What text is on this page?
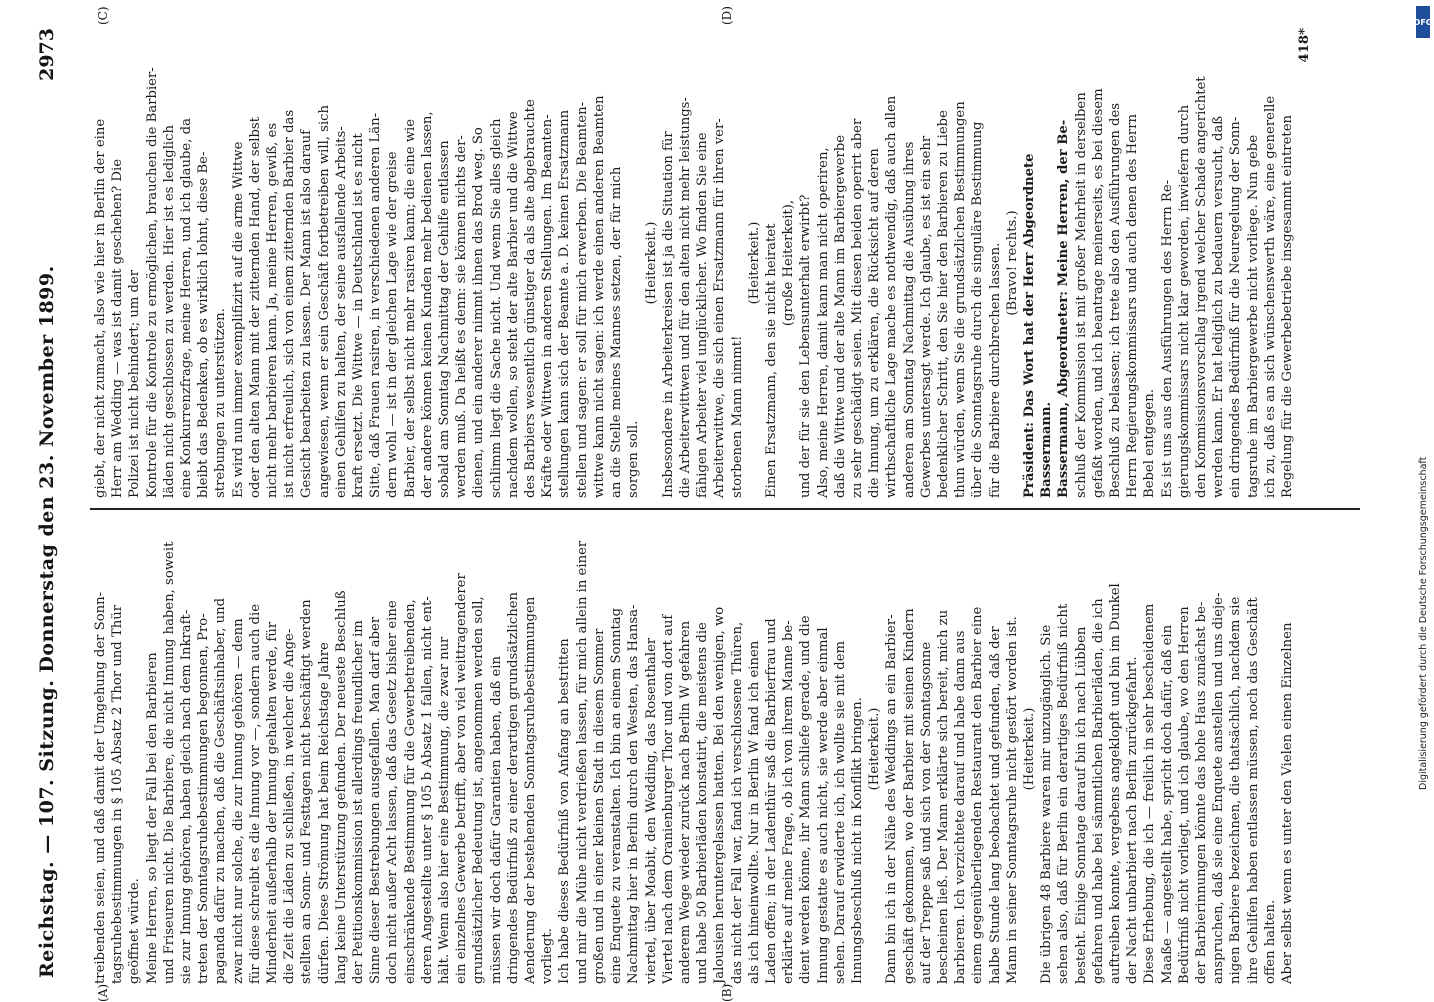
Reichstag. — 107. Sitzung. Donnerstag den 23. November 1899.
2973

treibenden seien, und daß damit der Umgehung der Sonn- tagsruhebestimmungen in § 105 Absatz 2 Thor und Thür geöffnet würde. Meine Herren, so liegt der Fall bei den Barbieren und Friseuren nicht. Die Barbiere, die nicht Innung haben, soweit sie zur Innung gehören, haben gleich nach dem Inkraft- treten der Sonntagsruhebestimmungen begonnen, Pro- paganda dafür zu machen, daß die Geschäftsinhaber, und zwar nicht nur solche, die zur Innung gehören — denn für diese schreibt es die Innung vor —, sondern auch die Minderheit außerhalb der Innung gehalten werde, für die Zeit die Läden zu schließen, in welcher die Ange- stellten an Sonn- und Festtagen nicht beschäftigt werden dürfen. Diese Strömung hat beim Reichstage Jahre lang keine Unterstützung gefunden. Der neueste Beschluß der Petitionskommission ist allerdings freundlicher im Sinne dieser Bestrebungen ausgefallen. Man darf aber doch nicht außer Acht lassen, daß das Gesetz bisher eine einschränkende Bestimmung für die Gewerbetreibenden, deren Angestellte unter § 105 b Absatz 1 fallen, nicht ent- hält. Wenn also hier eine Bestimmung, die zwar nur ein einzelnes Gewerbe betrifft, aber von viel weittragenderer grundsätzlicher Bedeutung ist, angenommen werden soll, müssen wir doch dafür Garantien haben, daß ein dringendes Bedürfniß zu einer derartigen grundsätzlichen Aenderung der bestehenden Sonntagsruhebestimmungen vorliegt. Ich habe dieses Bedürfniß von Anfang an bestritten und mir die Mühe nicht verdrießen lassen, für mich allein in einer großen und in einer kleinen Stadt in diesem Sommer eine Enquete zu veranstalten. Ich bin an einem Sonntag Nachmittag hier in Berlin durch den Westen, das Hansa- viertel, über Moabit, den Wedding, das Rosenthaler Viertel nach dem Oranienburger Thor und von dort auf anderem Wege wieder zurück nach Berlin W gefahren und habe 50 Barbierläden konstatirt, die meistens die Jalousien heruntergelassen hatten. Bei den wenigen, wo das nicht der Fall war, fand ich verschlossene Thüren, als ich hineinwollte. Nur in Berlin W fand ich einen Laden offen; in der Ladenthür saß die Barbierfrau und erklärte auf meine Frage, ob ich von ihrem Manne be- dient werden könne, ihr Mann schliefe gerade, und die Innung gestatte es auch nicht, sie werde aber einmal sehen. Darauf erwiderte ich, ich wollte sie mit dem Innungsbeschluß nicht in Konflikt bringen. (Heiterkeit.) Dann bin ich in der Nähe des Weddings an ein Barbier- geschäft gekommen, wo der Barbier mit seinen Kindern auf der Treppe saß und sich von der Sonntagsonne bescheinen ließ. Der Mann erklärte sich bereit, mich zu barbieren. Ich verzichtete darauf und habe dann aus einem gegenüberliegenden Restaurant den Barbier eine halbe Stunde lang beobachtet und gefunden, daß der Mann in seiner Sonntagsruhe nicht gestört worden ist. (Heiterkeit.) Die übrigen 48 Barbiere waren mir unzugänglich. Sie sehen also, daß für Berlin ein derartiges Bedürfniß nicht besteht. Einige Sonntage darauf bin ich nach Lübben gefahren und habe bei sämmtlichen Barbierläden, die ich auftreiben konnte, vergebens angeklopft und bin im Dunkel der Nacht unbarbiert nach Berlin zurückgefahrt. Diese Erhebung, die ich — freilich in sehr bescheidenem Maaße — angestellt habe, spricht doch dafür, daß ein Bedürfniß nicht vorliegt, und ich glaube, wo den Herren der Barbierinnungen könnte das hohe Haus zunächst be- anspruchen, daß sie eine Enquete anstellen und uns dieje- nigen Barbiere bezeichnen, die thatsächlich, nachdem sie ihre Gehilfen haben entlassen müssen, noch das Geschäft offen halten. Aber selbst wenn es unter den Vielen einen Einzelnen

giebt, der nicht zumacht, also wie hier in Berlin der eine Herr am Wedding — was ist damit geschehen? Die Polizei ist nicht behindert; um der Kontrole für die Kontrole zu ermöglichen, brauchen die Barbier- läden nicht geschlossen zu werden. Hier ist es lediglich eine Konkurrenzfrage, meine Herren, und ich glaube, da bleibt das Bedenken, ob es wirklich lohnt, diese Be- strebungen zu unterstützen. Es wird nun immer exemplifizirt auf die arme Wittwe oder den alten Mann mit der zitternden Hand, der selbst nicht mehr barbieren kann. Ja, meine Herren, gewiß, es ist nicht erfreulich, sich von einem zitternden Barbier das Gesicht bearbeiten zu lassen. Der Mann ist also darauf angewiesen, wenn er sein Geschäft fortbetreiben will, sich einen Gehilfen zu halten, der seine ausfallende Arbeits- kraft ersetzt. Die Wittwe — in Deutschland ist es nicht Sitte, daß Frauen rasiren, in verschiedenen anderen Län- dern wohl — ist in der gleichen Lage wie der greise Barbier, der selbst nicht mehr rasiren kann; die eine wie der andere können keinen Kunden mehr bedienen lassen, sobald am Sonntag Nachmittag der Gehilfe entlassen werden muß. Da heißt es denn: sie können nichts der- dienen, und ein anderer nimmt ihnen das Brod weg. So schlimm liegt die Sache nicht. Und wenn Sie alles gleich nachdem wollen, so steht der alte Barbier und die Wittwe des Barbiers wesentlich günstiger da als alte abgebrauchte Kräfte oder Wittwen in anderen Stellungen. Im Beamten- stellungen kann sich der Beamte a. D. keinen Ersatzmann stellen und sagen: er soll für mich erwerben. Die Beamten- wittwe kann nicht sagen: ich werde einen anderen Beamten an die Stelle meines Mannes setzen, der für mich sorgen soll.

(Heiterkeit.) Insbesondere in Arbeiterkreisen ist ja die Situation für die Arbeiterwittwen und für den alten nicht mehr leistungs- fähigen Arbeiter viel unglücklicher. Wo finden Sie eine Arbeiterwittwe, die sich einen Ersatzmann für ihren ver- storbenen Mann nimmt!

(Heiterkeit.) Einen Ersatzmann, den sie nicht heiratet (große Heiterkeit), und der für sie den Lebensunterhalt erwirbt? Also, meine Herren, damit kann man nicht operiren, daß die Wittwe und der alte Mann im Barbiergewerbe zu sehr geschädigt seien. Mit diesen beiden operirt aber die Innung, um zu erklären, die Rücksicht auf deren wirthschaftliche Lage mache es nothwendig, daß auch allen anderen am Sonntag Nachmittag die Ausübung ihres Gewerbes untersagt werde. Ich glaube, es ist ein sehr bedenklicher Schritt, den Sie hier den Barbieren zu Liebe thun würden, wenn Sie die grundsätzlichen Bestimmungen über die Sonntagsruhe durch die singuläre Bestimmung für die Barbiere durchbrechen lassen. (Bravo! rechts.) Präsident: Das Wort hat der Herr Abgeordnete Bassermann. Bassermann, Abgeordneter: Meine Herren, der Be- schluß der Kommission ist mit großer Mehrheit in derselben gefaßt worden, und ich beantrage meinerseits, es bei diesem Beschluß zu belassen; ich trete also den Ausführungen des Herrn Regierungskommissars und auch denen des Herrn Bebel entgegen. Es ist uns aus den Ausführungen des Herrn Re- gierungskommissars nicht klar geworden, inwiefern durch den Kommissionsvorschlag irgend welcher Schade angerichtet werden kann. Er hat lediglich zu bedauern versucht, daß ein dringendes Bedürfniß für die Neuregelung der Sonn- tagsruhe im Barbiergewerbe nicht vorliege. Nun gebe ich zu, daß es an sich wünschenswerth wäre, eine generelle Regelung für die Gewerbebetriebe insgesammt eintreten

418*

(A)	(B)
(C)	(D)	DFG
Digitalisierung gefördert durch die Deutsche Forschungsgemeinschaft
